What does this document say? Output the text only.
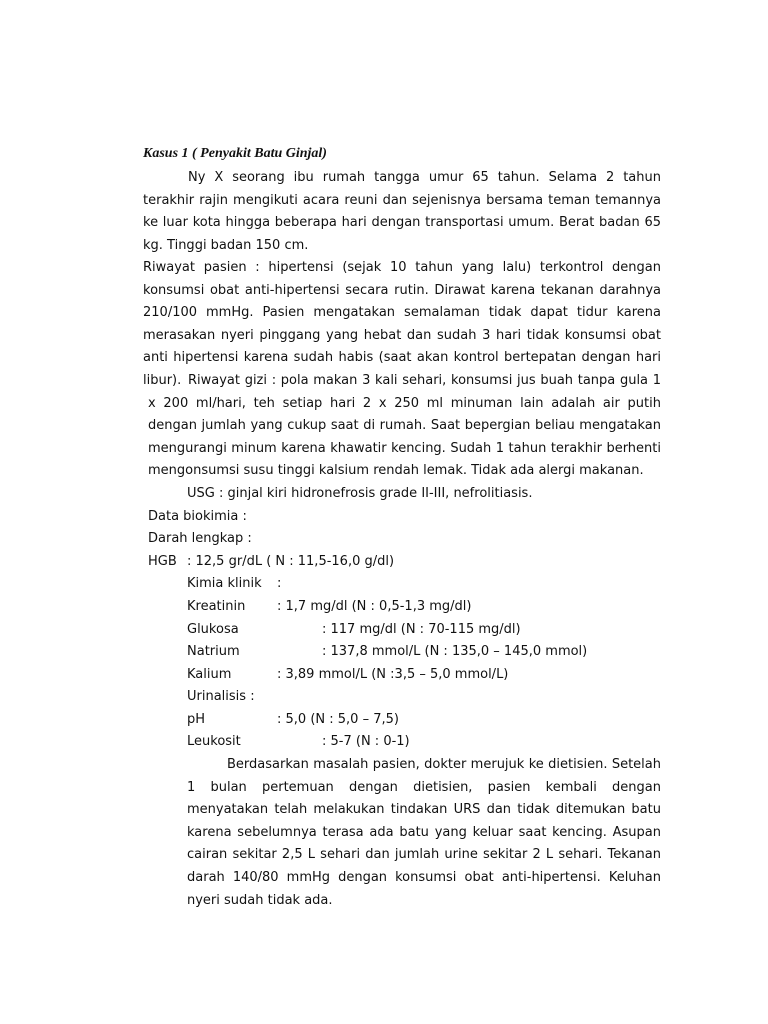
Kasus 1 ( Penyakit Batu Ginjal)

Ny X seorang ibu rumah tangga umur 65 tahun. Selama 2 tahun terakhir rajin mengikuti acara reuni dan sejenisnya bersama teman temannya ke luar kota hingga beberapa hari dengan transportasi umum. Berat badan 65 kg. Tinggi badan 150 cm.

Riwayat pasien : hipertensi (sejak 10 tahun yang lalu) terkontrol dengan konsumsi obat anti-hipertensi secara rutin. Dirawat karena tekanan darahnya 210/100 mmHg. Pasien mengatakan semalaman tidak dapat tidur karena merasakan nyeri pinggang yang hebat dan sudah 3 hari tidak konsumsi obat anti hipertensi karena sudah habis (saat akan kontrol bertepatan dengan hari libur). Riwayat gizi : pola makan 3 kali sehari, konsumsi jus buah tanpa gula 1 x 200 ml/hari, teh setiap hari 2 x 250 ml minuman lain adalah air putih dengan jumlah yang cukup saat di rumah. Saat bepergian beliau mengatakan mengurangi minum karena khawatir kencing. Sudah 1 tahun terakhir berhenti mengonsumsi susu tinggi kalsium rendah lemak. Tidak ada alergi makanan.

USG : ginjal kiri hidronefrosis grade II-III, nefrolitiasis.
Data biokimia :
Darah lengkap :
HGB : 12,5 gr/dL ( N : 11,5-16,0 g/dl)
Kimia klinik :
Kreatinin : 1,7 mg/dl (N : 0,5-1,3 mg/dl)
Glukosa	: 117 mg/dl (N : 70-115 mg/dl)
Natrium	: 137,8 mmol/L (N : 135,0 – 145,0 mmol)
Kalium	: 3,89 mmol/L (N :3,5 – 5,0 mmol/L)
Urinalisis :
pH	: 5,0 (N : 5,0 – 7,5)
Leukosit	: 5-7 (N : 0-1)

Berdasarkan masalah pasien, dokter merujuk ke dietisien. Setelah 1 bulan pertemuan dengan dietisien, pasien kembali dengan menyatakan telah melakukan tindakan URS dan tidak ditemukan batu karena sebelumnya terasa ada batu yang keluar saat kencing. Asupan cairan sekitar 2,5 L sehari dan jumlah urine sekitar 2 L sehari. Tekanan darah 140/80 mmHg dengan konsumsi obat anti-hipertensi. Keluhan nyeri sudah tidak ada.
